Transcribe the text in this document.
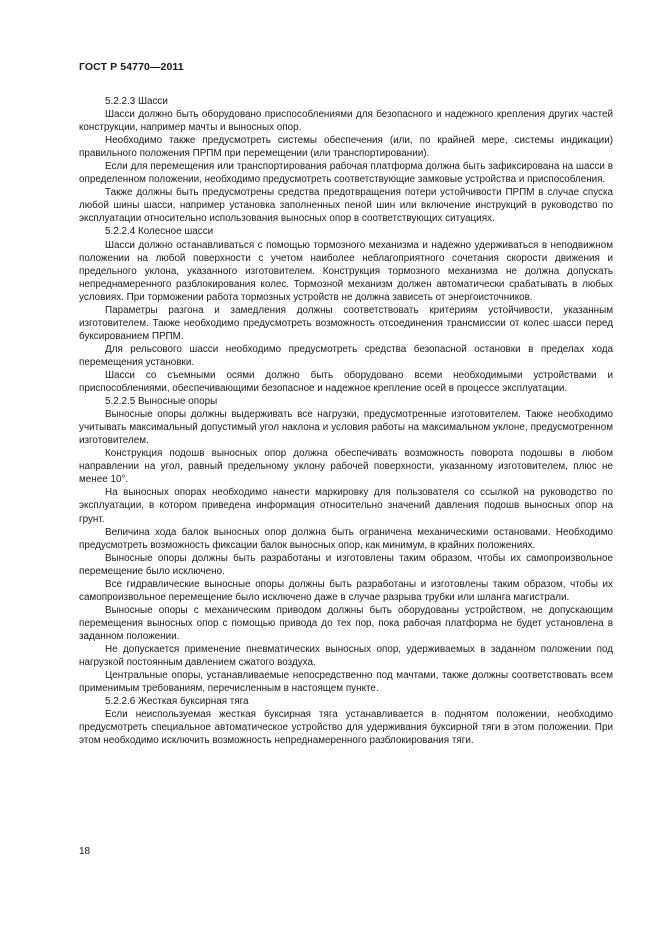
ГОСТ Р 54770—2011

5.2.2.3 Шасси

Шасси должно быть оборудовано приспособлениями для безопасного и надежного крепления других частей конструкции, например мачты и выносных опор.

Необходимо также предусмотреть системы обеспечения (или, по крайней мере, системы индикации) правильного положения ПРПМ при перемещении (или транспортировании).

Если для перемещения или транспортирования рабочая платформа должна быть зафиксирована на шасси в определенном положении, необходимо предусмотреть соответствующие замковые устройства и приспособления.

Также должны быть предусмотрены средства предотвращения потери устойчивости ПРПМ в случае спуска любой шины шасси, например установка заполненных пеной шин или включение инструкций в руководство по эксплуатации относительно использования выносных опор в соответствующих ситуациях.

5.2.2.4 Колесное шасси

Шасси должно останавливаться с помощью тормозного механизма и надежно удерживаться в неподвижном положении на любой поверхности с учетом наиболее неблагоприятного сочетания скорости движения и предельного уклона, указанного изготовителем. Конструкция тормозного механизма не должна допускать непреднамеренного разблокирования колес. Тормозной механизм должен автоматически срабатывать в любых условиях. При торможении работа тормозных устройств не должна зависеть от энергоисточников.

Параметры разгона и замедления должны соответствовать критериям устойчивости, указанным изготовителем. Также необходимо предусмотреть возможность отсоединения трансмиссии от колес шасси перед буксированием ПРПМ.

Для рельсового шасси необходимо предусмотреть средства безопасной остановки в пределах хода перемещения установки.

Шасси со съемными осями должно быть оборудовано всеми необходимыми устройствами и приспособлениями, обеспечивающими безопасное и надежное крепление осей в процессе эксплуатации.

5.2.2.5 Выносные опоры

Выносные опоры должны выдерживать все нагрузки, предусмотренные изготовителем. Также необходимо учитывать максимальный допустимый угол наклона и условия работы на максимальном уклоне, предусмотренном изготовителем.

Конструкция подошв выносных опор должна обеспечивать возможность поворота подошвы в любом направлении на угол, равный предельному уклону рабочей поверхности, указанному изготовителем, плюс не менее 10°.

На выносных опорах необходимо нанести маркировку для пользователя со ссылкой на руководство по эксплуатации, в котором приведена информация относительно значений давления подошв выносных опор на грунт.

Величина хода балок выносных опор должна быть ограничена механическими остановами. Необходимо предусмотреть возможность фиксации балок выносных опор, как минимум, в крайних положениях.

Выносные опоры должны быть разработаны и изготовлены таким образом, чтобы их самопроизвольное перемещение было исключено.

Все гидравлические выносные опоры должны быть разработаны и изготовлены таким образом, чтобы их самопроизвольное перемещение было исключено даже в случае разрыва трубки или шланга магистрали.

Выносные опоры с механическим приводом должны быть оборудованы устройством, не допускающим перемещения выносных опор с помощью привода до тех пор, пока рабочая платформа не будет установлена в заданном положении.

Не допускается применение пневматических выносных опор, удерживаемых в заданном положении под нагрузкой постоянным давлением сжатого воздуха.

Центральные опоры, устанавливаемые непосредственно под мачтами, также должны соответствовать всем применимым требованиям, перечисленным в настоящем пункте.

5.2.2.6 Жесткая буксирная тяга

Если неиспользуемая жесткая буксирная тяга устанавливается в поднятом положении, необходимо предусмотреть специальное автоматическое устройство для удерживания буксирной тяги в этом положении. При этом необходимо исключить возможность непреднамеренного разблокирования тяги.

18
